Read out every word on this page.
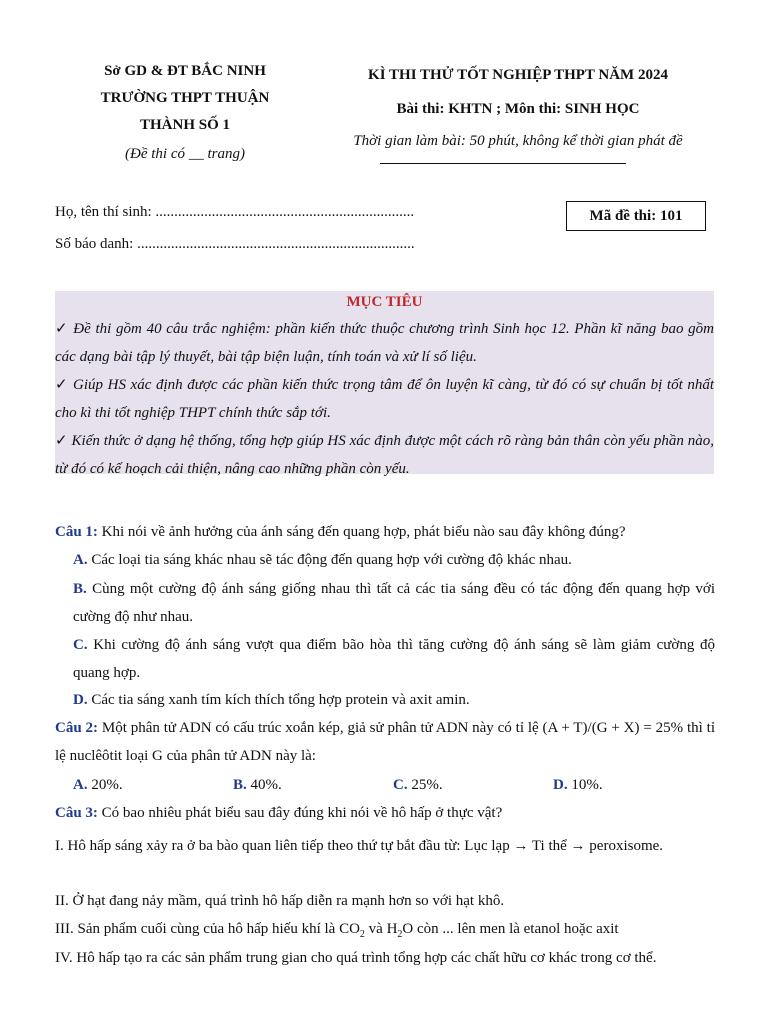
Sở GD & ĐT BẮC NINH
TRƯỜNG THPT THUẬN
THÀNH SỐ 1
(Đề thi có __ trang)
KÌ THI THỬ TỐT NGHIỆP THPT NĂM 2024
Bài thi: KHTN ; Môn thi: SINH HỌC
Thời gian làm bài: 50 phút, không kể thời gian phát đề
Họ, tên thí sinh: .....................................................................
Số báo danh: ..........................................................................
Mã đề thi: 101
MỤC TIÊU
✓ Đề thi gồm 40 câu trắc nghiệm: phần kiến thức thuộc chương trình Sinh học 12. Phần kĩ năng bao gồm các dạng bài tập lý thuyết, bài tập biện luận, tính toán và xử lí số liệu.
✓ Giúp HS xác định được các phần kiến thức trọng tâm để ôn luyện kĩ càng, từ đó có sự chuẩn bị tốt nhất cho kì thi tốt nghiệp THPT chính thức sắp tới.
✓ Kiến thức ở dạng hệ thống, tổng hợp giúp HS xác định được một cách rõ ràng bản thân còn yếu phần nào, từ đó có kế hoạch cải thiện, nâng cao những phần còn yếu.
Câu 1: Khi nói về ảnh hưởng của ánh sáng đến quang hợp, phát biểu nào sau đây không đúng?
A. Các loại tia sáng khác nhau sẽ tác động đến quang hợp với cường độ khác nhau.
B. Cùng một cường độ ánh sáng giống nhau thì tất cả các tia sáng đều có tác động đến quang hợp với cường độ như nhau.
C. Khi cường độ ánh sáng vượt qua điểm bão hòa thì tăng cường độ ánh sáng sẽ làm giảm cường độ quang hợp.
D. Các tia sáng xanh tím kích thích tổng hợp protein và axit amin.
Câu 2: Một phân tử ADN có cấu trúc xoắn kép, giả sử phân tử ADN này có tỉ lệ (A + T)/(G + X) = 25% thì tỉ lệ nuclêôtit loại G của phân tử ADN này là:
A. 20%.	B. 40%.	C. 25%.	D. 10%.
Câu 3: Có bao nhiêu phát biểu sau đây đúng khi nói về hô hấp ở thực vật?
I. Hô hấp sáng xảy ra ở ba bào quan liên tiếp theo thứ tự bắt đầu từ: Lục lạp → Ti thể → peroxisome.
II. Ở hạt đang nảy mầm, quá trình hô hấp diễn ra mạnh hơn so với hạt khô.
III. Sản phẩm cuối cùng của hô hấp hiếu khí là $CO_2$ và $H_2O$ còn ... lên men là etanol hoặc axit
IV. Hô hấp tạo ra các sản phẩm trung gian cho quá trình tổng hợp các chất hữu cơ khác trong cơ thể.
